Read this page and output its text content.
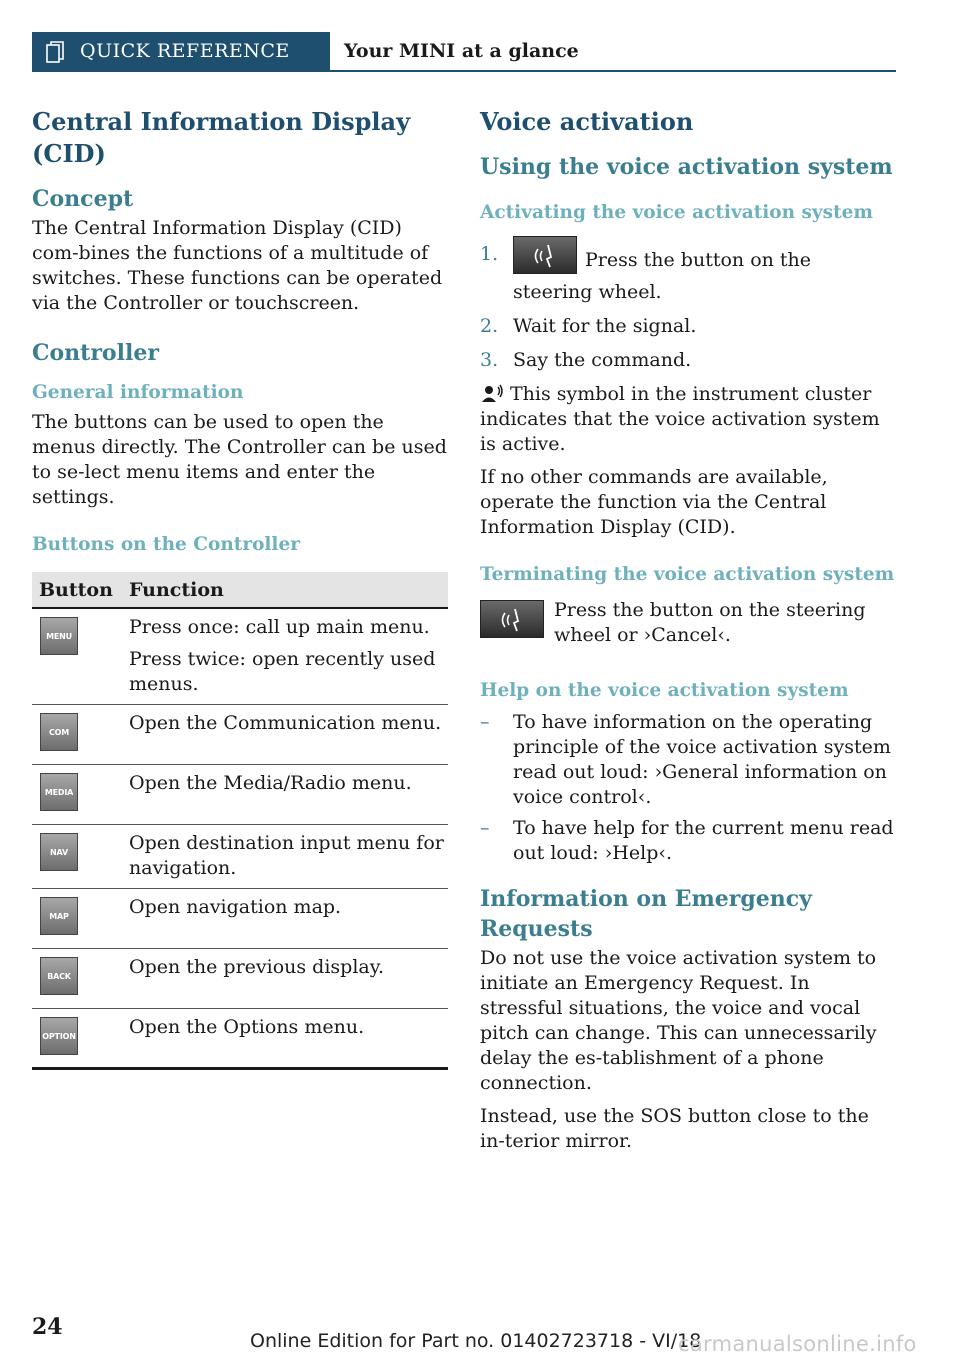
QUICK REFERENCE	Your MINI at a glance
Central Information Display (CID)
Concept

The Central Information Display (CID) com-bines the functions of a multitude of switches. These functions can be operated via the Controller or touchscreen.

Controller
General information

The buttons can be used to open the menus directly. The Controller can be used to se-lect menu items and enter the settings.

Buttons on the Controller
Button	Function

MENU	Press once: call up main menu.

Press twice: open recently used menus.

COM	Open the Communication menu.

MEDIA	Open the Media/Radio menu.

NAV	Open destination input menu for navigation.

MAP	Open navigation map.

BACK	Open the previous display.

OPTION	Open the Options menu.

Voice activation
Using the voice activation system
Activating the voice activation system
1.	Press the button on the steering wheel.
2. Wait for the signal.
3. Say the command.

This symbol in the instrument cluster indicates that the voice activation system is active.

If no other commands are available, operate the function via the Central Information Display (CID).

Terminating the voice activation system

Press the button on the steering wheel or ›Cancel‹.

Help on the voice activation system
– To have information on the operating principle of the voice activation system read out loud: ›General information on voice control‹.
– To have help for the current menu read out loud: ›Help‹.
Information on Emergency Requests

Do not use the voice activation system to initiate an Emergency Request. In stressful situations, the voice and vocal pitch can change. This can unnecessarily delay the es-tablishment of a phone connection.

Instead, use the SOS button close to the in-terior mirror.

24
Online Edition for Part no. 01402723718 - VI/18
carmanualsonline.info
